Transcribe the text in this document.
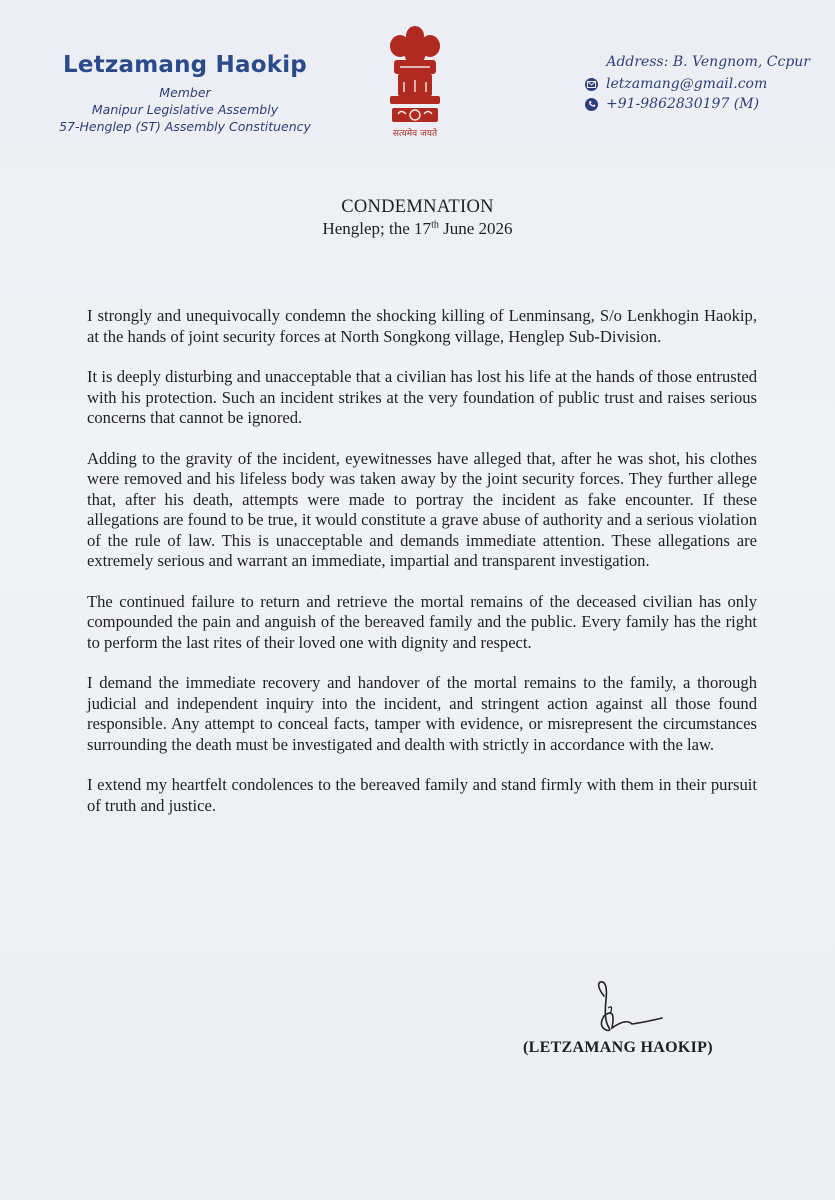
Letzamang Haokip
Member
Manipur Legislative Assembly
57-Henglep (ST) Assembly Constituency	सत्यमेव जयते
Address: B. Vengnom, Ccpur
letzamang@gmail.com
+91-9862830197 (M)
CONDEMNATION
Henglep; the 17th June 2026

I strongly and unequivocally condemn the shocking killing of Lenminsang, S/o Lenkhogin Haokip, at the hands of joint security forces at North Songkong village, Henglep Sub-Division.

It is deeply disturbing and unacceptable that a civilian has lost his life at the hands of those entrusted with his protection. Such an incident strikes at the very foundation of public trust and raises serious concerns that cannot be ignored.

Adding to the gravity of the incident, eyewitnesses have alleged that, after he was shot, his clothes were removed and his lifeless body was taken away by the joint security forces. They further allege that, after his death, attempts were made to portray the incident as fake encounter. If these allegations are found to be true, it would constitute a grave abuse of authority and a serious violation of the rule of law. This is unacceptable and demands immediate attention. These allegations are extremely serious and warrant an immediate, impartial and transparent investigation.

The continued failure to return and retrieve the mortal remains of the deceased civilian has only compounded the pain and anguish of the bereaved family and the public. Every family has the right to perform the last rites of their loved one with dignity and respect.

I demand the immediate recovery and handover of the mortal remains to the family, a thorough judicial and independent inquiry into the incident, and stringent action against all those found responsible. Any attempt to conceal facts, tamper with evidence, or misrepresent the circumstances surrounding the death must be investigated and dealth with strictly in accordance with the law.

I extend my heartfelt condolences to the bereaved family and stand firmly with them in their pursuit of truth and justice.

(LETZAMANG HAOKIP)
